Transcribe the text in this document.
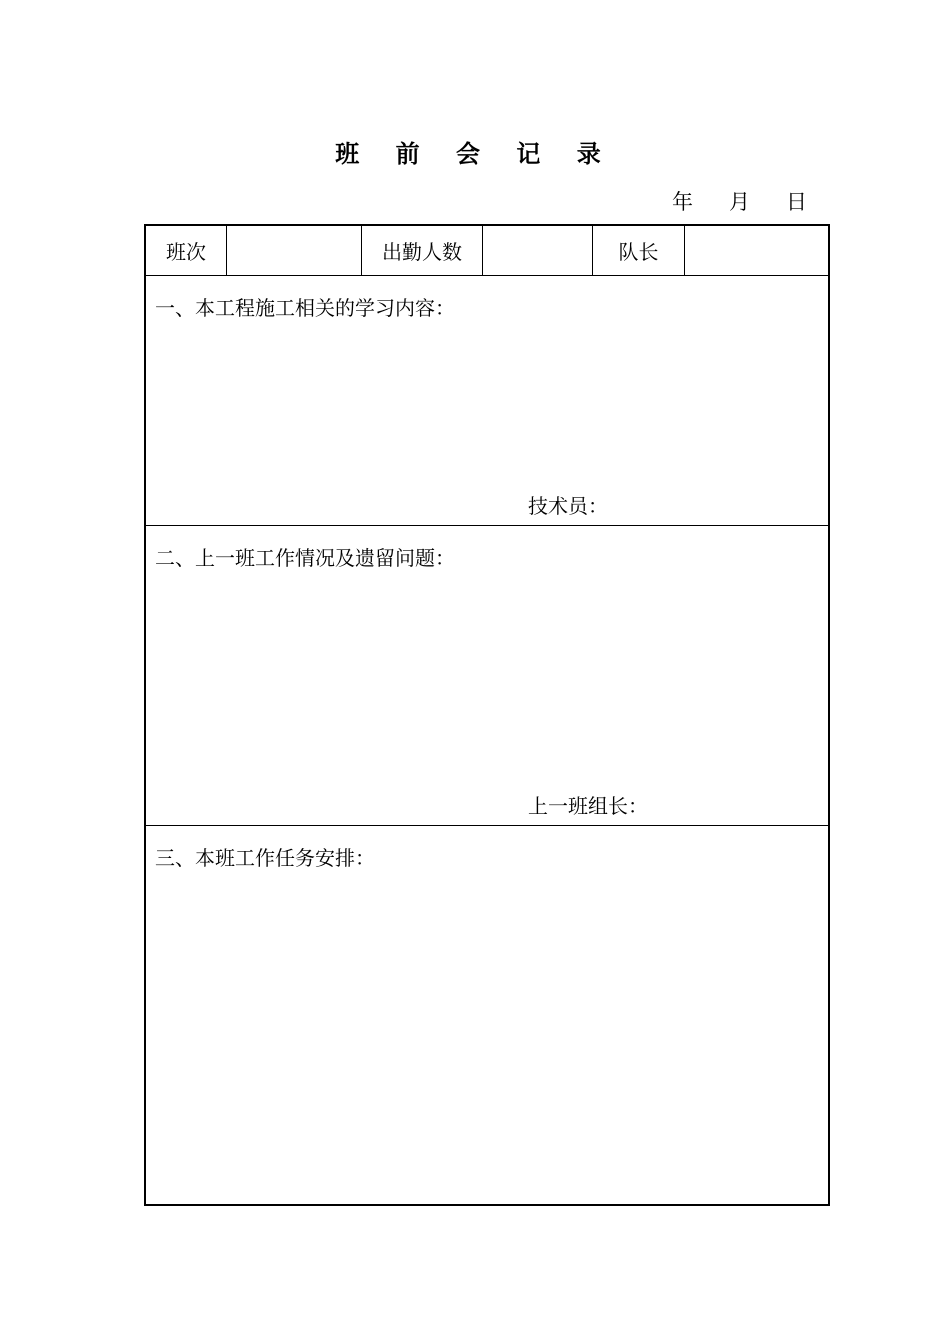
班 前 会 记 录
年	月	日
班次	出勤人数	队长
一、本工程施工相关的学习内容：
技术员：
二、上一班工作情况及遗留问题：
上一班组长：
三、本班工作任务安排：
